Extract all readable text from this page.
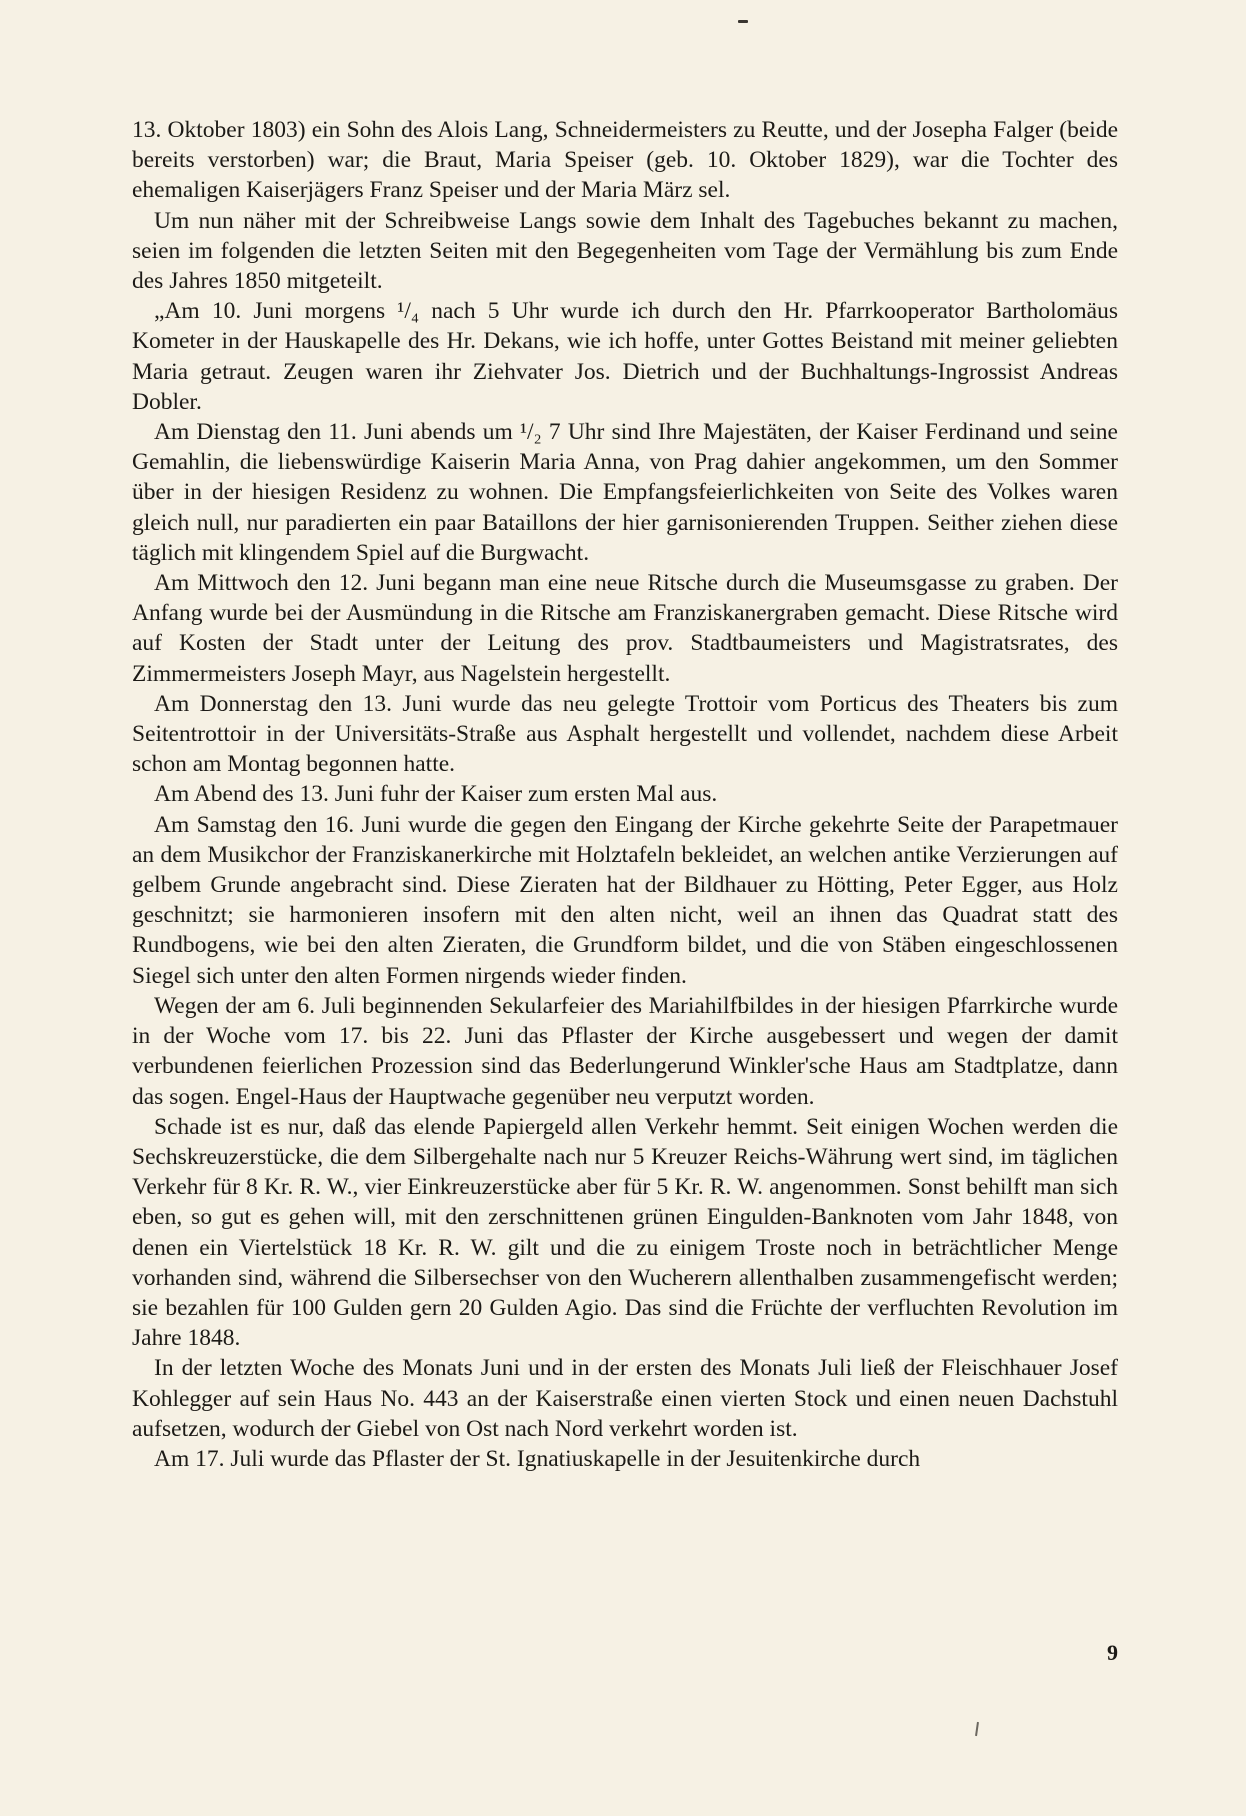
13. Oktober 1803) ein Sohn des Alois Lang, Schneidermeisters zu Reutte, und der Josepha Falger (beide bereits verstorben) war; die Braut, Maria Speiser (geb. 10. Oktober 1829), war die Tochter des ehemaligen Kaiserjägers Franz Speiser und der Maria März sel.

Um nun näher mit der Schreibweise Langs sowie dem Inhalt des Tagebuches bekannt zu machen, seien im folgenden die letzten Seiten mit den Begegenheiten vom Tage der Vermählung bis zum Ende des Jahres 1850 mitgeteilt.

„Am 10. Juni morgens ¹/₄ nach 5 Uhr wurde ich durch den Hr. Pfarrkooperator Bartholomäus Kometer in der Hauskapelle des Hr. Dekans, wie ich hoffe, unter Gottes Beistand mit meiner geliebten Maria getraut. Zeugen waren ihr Ziehvater Jos. Dietrich und der Buchhaltungs-Ingrossist Andreas Dobler.

Am Dienstag den 11. Juni abends um ¹/₂ 7 Uhr sind Ihre Majestäten, der Kaiser Ferdinand und seine Gemahlin, die liebenswürdige Kaiserin Maria Anna, von Prag dahier angekommen, um den Sommer über in der hiesigen Residenz zu wohnen. Die Empfangsfeierlichkeiten von Seite des Volkes waren gleich null, nur paradierten ein paar Bataillons der hier garnisonierenden Truppen. Seither ziehen diese täglich mit klingendem Spiel auf die Burgwacht.

Am Mittwoch den 12. Juni begann man eine neue Ritsche durch die Museumsgasse zu graben. Der Anfang wurde bei der Ausmündung in die Ritsche am Franziskanergraben gemacht. Diese Ritsche wird auf Kosten der Stadt unter der Leitung des prov. Stadtbaumeisters und Magistratsrates, des Zimmermeisters Joseph Mayr, aus Nagelstein hergestellt.

Am Donnerstag den 13. Juni wurde das neu gelegte Trottoir vom Porticus des Theaters bis zum Seitentrottoir in der Universitäts-Straße aus Asphalt hergestellt und vollendet, nachdem diese Arbeit schon am Montag begonnen hatte.

Am Abend des 13. Juni fuhr der Kaiser zum ersten Mal aus.

Am Samstag den 16. Juni wurde die gegen den Eingang der Kirche gekehrte Seite der Parapetmauer an dem Musikchor der Franziskanerkirche mit Holztafeln bekleidet, an welchen antike Verzierungen auf gelbem Grunde angebracht sind. Diese Zieraten hat der Bildhauer zu Hötting, Peter Egger, aus Holz geschnitzt; sie harmonieren insofern mit den alten nicht, weil an ihnen das Quadrat statt des Rundbogens, wie bei den alten Zieraten, die Grundform bildet, und die von Stäben eingeschlossenen Siegel sich unter den alten Formen nirgends wieder finden.

Wegen der am 6. Juli beginnenden Sekularfeier des Mariahilfbildes in der hiesigen Pfarrkirche wurde in der Woche vom 17. bis 22. Juni das Pflaster der Kirche ausgebessert und wegen der damit verbundenen feierlichen Prozession sind das Bederlungerund Winkler'sche Haus am Stadtplatze, dann das sogen. Engel-Haus der Hauptwache gegenüber neu verputzt worden.

Schade ist es nur, daß das elende Papiergeld allen Verkehr hemmt. Seit einigen Wochen werden die Sechskreuzerstücke, die dem Silbergehalte nach nur 5 Kreuzer Reichs-Währung wert sind, im täglichen Verkehr für 8 Kr. R. W., vier Einkreuzerstücke aber für 5 Kr. R. W. angenommen. Sonst behilft man sich eben, so gut es gehen will, mit den zerschnittenen grünen Eingulden-Banknoten vom Jahr 1848, von denen ein Viertelstück 18 Kr. R. W. gilt und die zu einigem Troste noch in beträchtlicher Menge vorhanden sind, während die Silbersechser von den Wucherern allenthalben zusammengefischt werden; sie bezahlen für 100 Gulden gern 20 Gulden Agio. Das sind die Früchte der verfluchten Revolution im Jahre 1848.

In der letzten Woche des Monats Juni und in der ersten des Monats Juli ließ der Fleischhauer Josef Kohlegger auf sein Haus No. 443 an der Kaiserstraße einen vierten Stock und einen neuen Dachstuhl aufsetzen, wodurch der Giebel von Ost nach Nord verkehrt worden ist.

Am 17. Juli wurde das Pflaster der St. Ignatiuskapelle in der Jesuitenkirche durch

9
